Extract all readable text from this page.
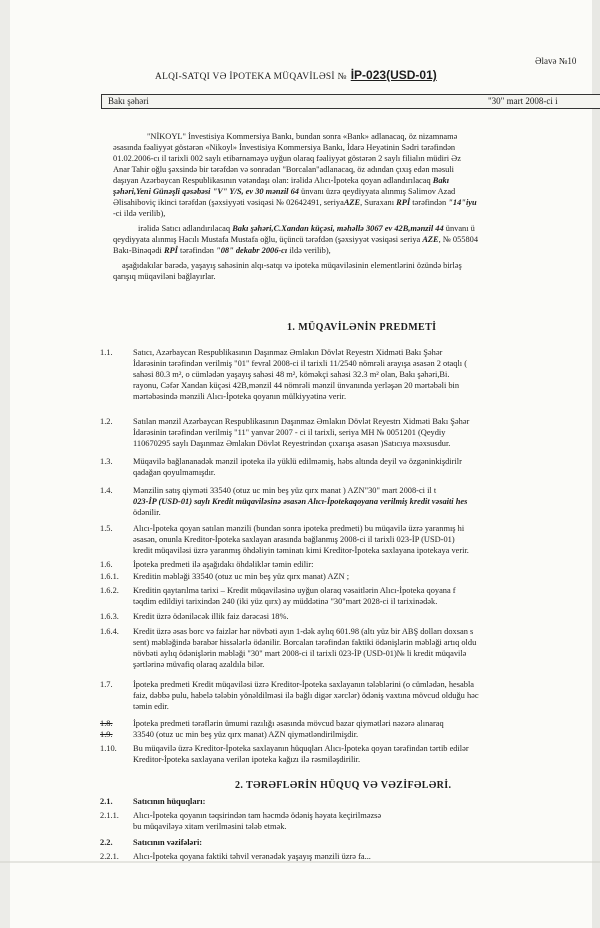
Əlavə №10
ALQI-SATQI VƏ İPOTEKA MÜQAVİLƏSİ № İP-023(USD-01)
Bakı şəhəri	"30" mart 2008-ci i
"NİKOYL" İnvestisiya Kommersiya Bankı, bundan sonra «Bank» adlanacaq, öz nizamnamə
əsasında fəaliyyət göstərən «Nikoyl» İnvestisiya Kommersiya Bankı, İdarə Heyətinin Sədri tərəfindən
01.02.2006-cı il tarixli 002 saylı etibarnaməyə uyğun olaraq fəaliyyət göstərən 2 saylı filialın müdiri Əz
Anar Tahir oğlu şəxsində bir tərəfdən və sonradan "Borcalan"adlanacaq, öz adından çıxış edən məsuli
daşıyan Azərbaycan Respublikasının vətəndaşı olan: irəlidə Alıcı-İpoteka qoyan adlandırılacaq Bakı
şəhəri,Yeni Günəşli qəsəbəsi "V" Y/S, ev 30 mənzil 64 ünvanı üzrə qeydiyyata alınmış Səlimov Azad
Əlisahiboviç ikinci tərəfdən (şəxsiyyəti vəsiqəsi № 02642491, seriyaAZE, Suraxanı RPİ tərəfindən "14"iyu
-ci ildə verilib),
irəlidə Satıcı adlandırılacaq Bakı şəhəri,C.Xandan küçəsi, məhəllə 3067 ev 42B,mənzil 44 ünvanı ü
qeydiyyata alınmış Hacılı Mustafa Mustafa oğlu, üçüncü tərəfdən (şəxsiyyət vəsiqəsi seriya AZE, № 055804
Bakı-Binəqədi RPİ tərəfindən "08" dekabr 2006-cı ildə verilib),
aşağıdakılar barədə, yaşayış sahəsinin alqı-satqı və ipoteka müqaviləsinin elementlərini özündə birləş
qarışıq müqaviləni bağlayırlar.
1. MÜQAVİLƏNİN PREDMETİ
1.1. Satıcı, Azərbaycan Respublikasının Daşınmaz Əmlakın Dövlət Reyestrı Xidməti Bakı Şəhər
İdarəsinin tərəfindən verilmiş "01" fevral 2008-ci il tarixli 11/2540 nömrəli arayışa əsasən 2 otaqlı (
sahəsi 80.3 m², o cümlədən yaşayış sahəsi 48 m², köməkçi sahəsi 32.3 m² olan, Bakı şəhəri,Bi.
rayonu, Cəfər Xandan küçəsi 42B,mənzil 44 nömrəli mənzil ünvanında yerləşən 20 mərtəbəli bin
mərtəbəsində mənzili Alıcı-İpoteka qoyanın mülkiyyətinə verir.
1.2. Satılan mənzil Azərbaycan Respublikasının Daşınmaz Əmlakın Dövlət Reyestrı Xidməti Bakı Şəhər
İdarəsinin tərəfindən verilmiş "11" yanvar 2007 - ci il tarixli, seriya MH № 0051201 (Qeydiy
110670295 saylı Daşınmaz Əmlakın Dövlət Reyestrindən çıxarışa əsasən )Satıcıya məxsusdur.
1.3. Müqavilə bağlananadək mənzil ipoteka ilə yüklü edilməmiş, həbs altında deyil və özgəninkişdirilr
qadağan qoyulmamışdır.
1.4. Mənzilin satış qiyməti 33540 (otuz uc min beş yüz qırx manat ) AZN"30" mart 2008-ci il t
023-İP (USD-01) saylı Kredit müqaviləsinə əsasən Alıcı-İpotekaqoyana verilmiş kredit vəsaiti hes
ödənilir.
1.5. Alıcı-İpoteka qoyan satılan mənzili (bundan sonra ipoteka predmeti) bu müqavilə üzrə yaranmış hi
əsasən, onunla Kreditor-İpoteka saxlayan arasında bağlanmış 2008-ci il tarixli 023-İP (USD-01)
kredit müqaviləsi üzrə yaranmış öhdəliyin təminatı kimi Kreditor-İpoteka saxlayana ipotekaya verir.
1.6. İpoteka predmeti ilə aşağıdakı öhdəliklər təmin edilir:
1.6.1. Kreditin məbləği 33540 (otuz uc min beş yüz qırx manat) AZN ;
1.6.2. Kreditin qaytarılma tarixi – Kredit müqaviləsinə uyğun olaraq vəsaitlərin Alıcı-İpoteka qoyana f
təqdim edildiyi tarixindən 240 (iki yüz qırx) ay müddətinə "30"mart 2028-ci il tarixinədək.
1.6.3. Kredit üzrə ödəniləcək illik faiz dərəcəsi 18%.
1.6.4. Kredit üzrə əsas borc və faizlər hər növbəti ayın 1-dək aylıq 601.98 (altı yüz bir ABŞ dolları doxsan s
sent) məbləğində bərabər hissələrlə ödənilir. Borcalan tərəfindən faktiki ödənişlərin məbləği artıq oldu
növbəti aylıq ödənişlərin məbləği "30" mart 2008-ci il tarixli 023-İP (USD-01)№ li kredit müqavilə
şərtlərinə müvafiq olaraq azaldıla bilər.
1.7. İpoteka predmeti Kredit müqaviləsi üzrə Kreditor-İpoteka saxlayanın tələblərini (o cümlədən, hesabla
faiz, dəbbə pulu, habelə tələbin yönəldilməsi ilə bağlı digər xərclər) ödəniş vaxtına mövcud olduğu həc
təmin edir.
1.8. İpoteka predmeti tərəflərin ümumi razılığı əsasında mövcud bazar qiymətləri nəzərə alınaraq
1.9. 33540 (otuz uc min beş yüz qırx manat) AZN qiymətləndirilmişdir.
1.10. Bu müqavilə üzrə Kreditor-İpoteka saxlayanın hüquqları Alıcı-İpoteka qoyan tərəfindən tərtib edilər
Kreditor-İpoteka saxlayana verilən ipoteka kağızı ilə rəsmiləşdirilir.
2. TƏRƏFLƏRİN HÜQUQ VƏ VƏZİFƏLƏRİ.
2.1. Satıcının hüquqları:
2.1.1. Alıcı-İpoteka qoyanın təqsirindən tam həcmdə ödəniş həyata keçirilməzsə
bu müqaviləyə xitam verilməsini tələb etmək.
2.2. Satıcının vəzifələri:
2.2.1. Alıcı-İpoteka qoyana faktiki təhvil verənədək yaşayış mənzili üzrə fa...
